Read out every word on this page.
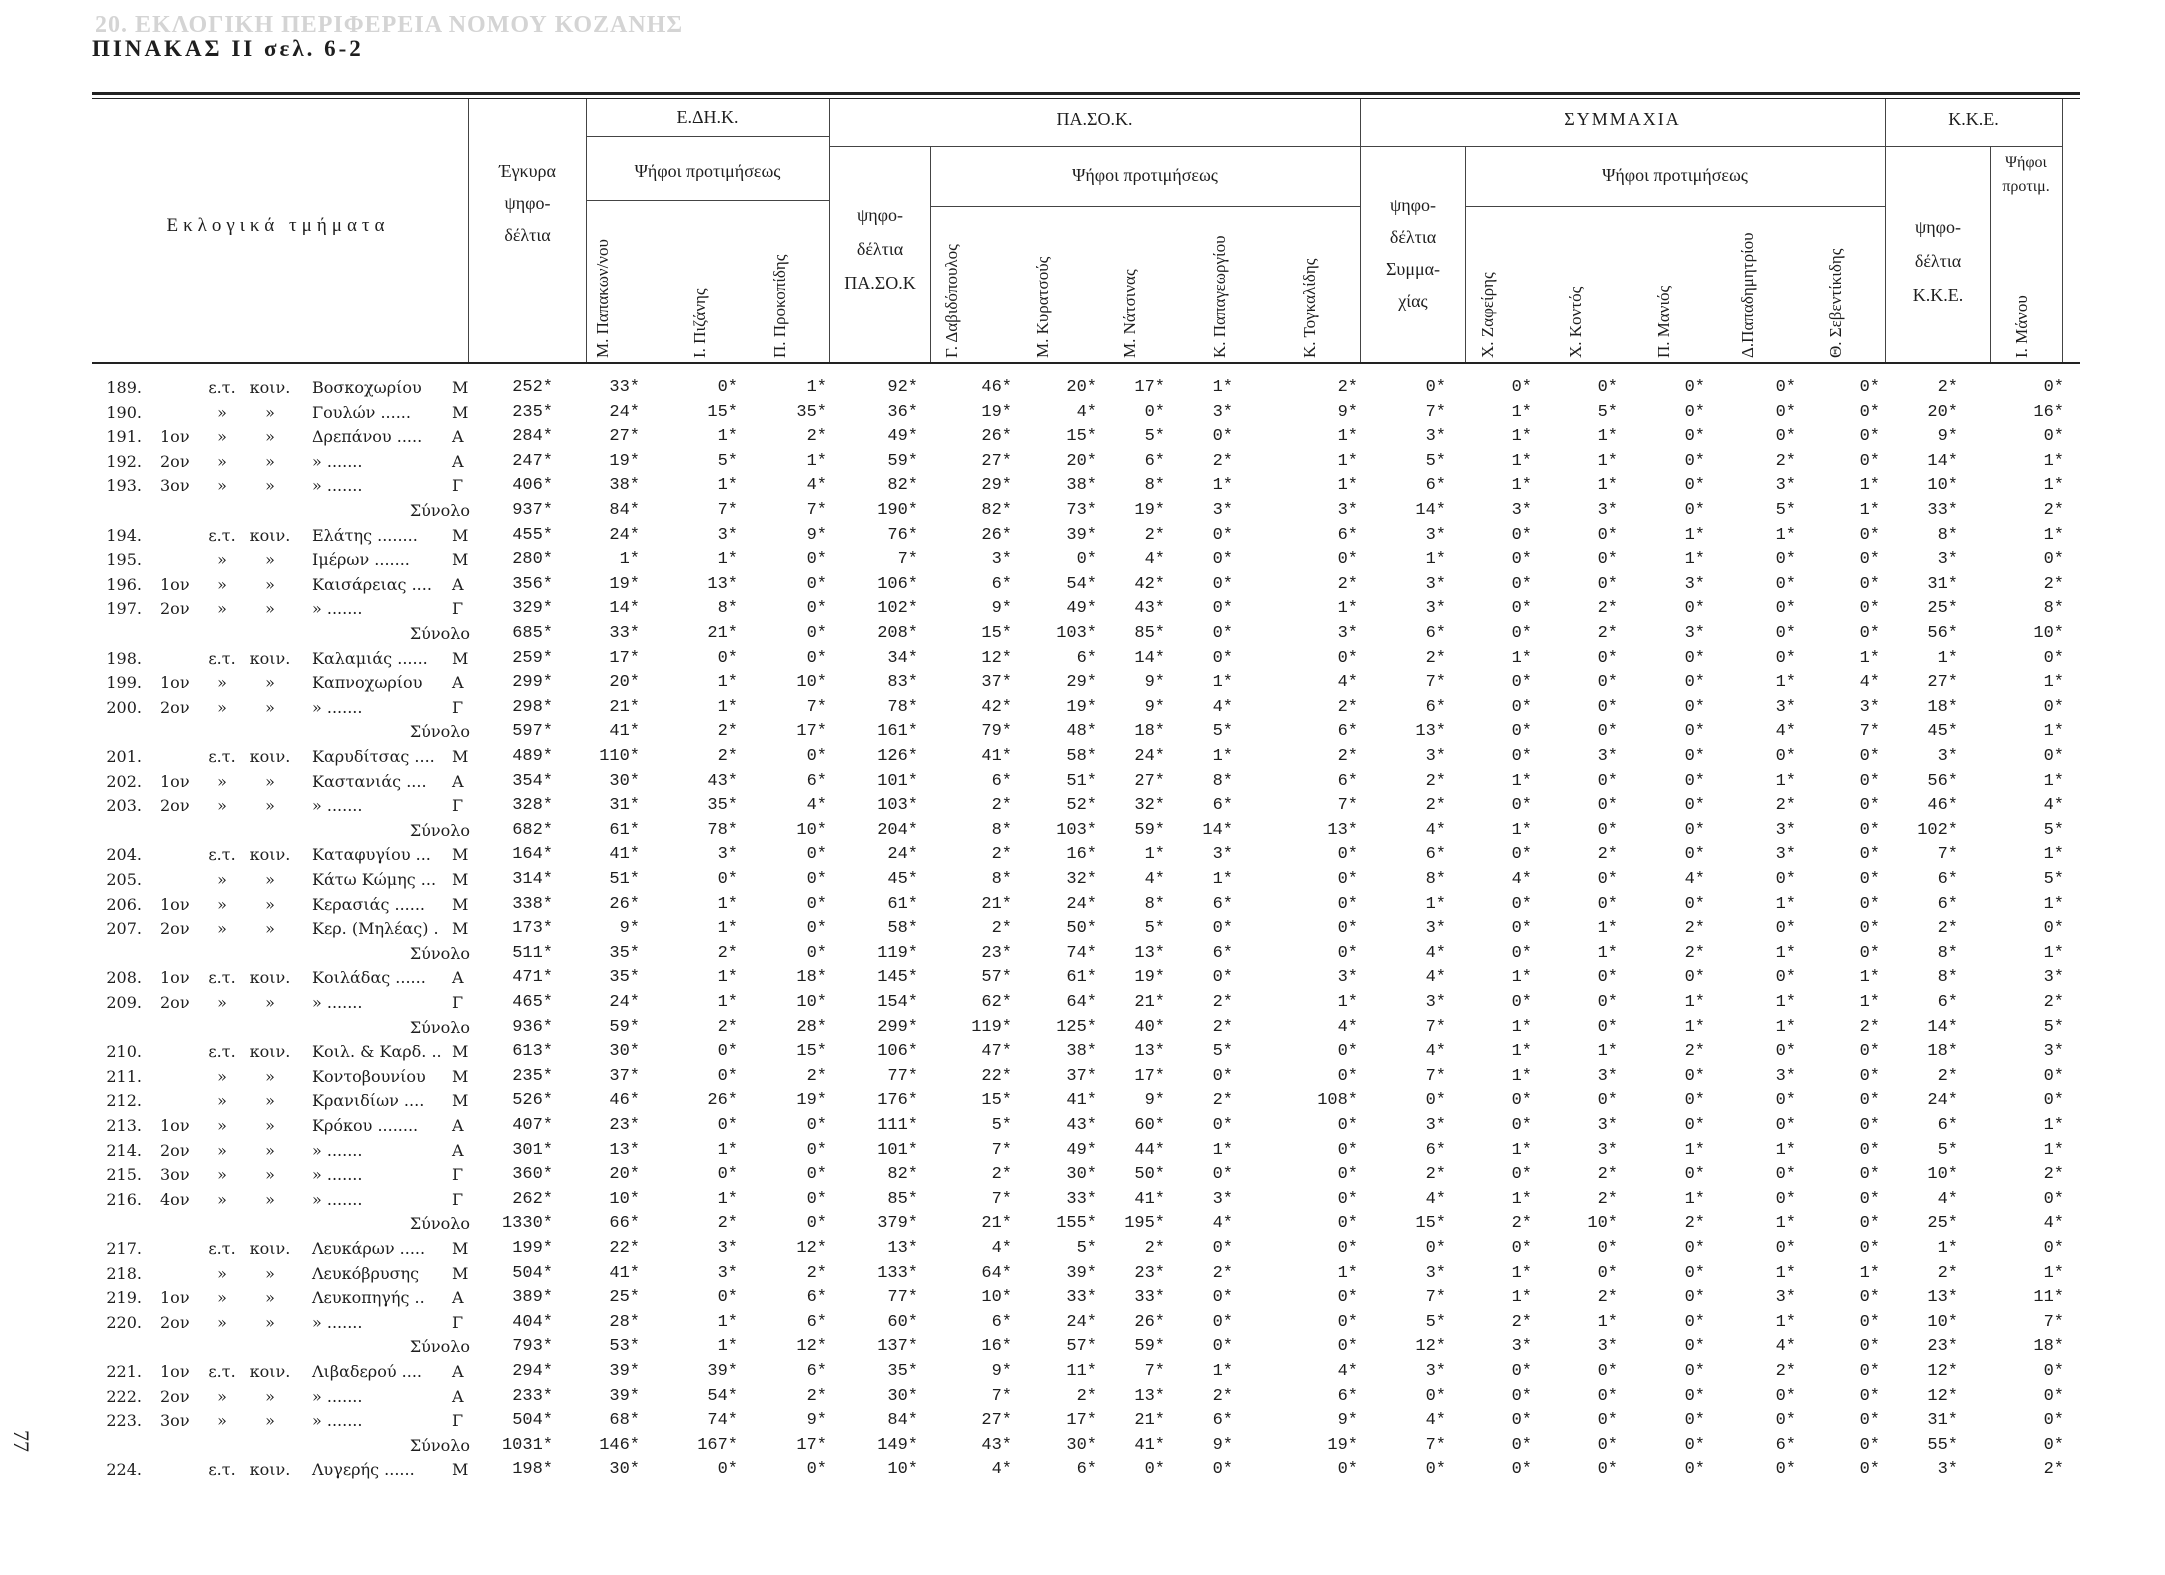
20. ΕΚΛΟΓΙΚΗ ΠΕΡΙΦΕΡΕΙΑ ΝΟΜΟΥ ΚΟΖΑΝΗΣ
ΠΙΝΑΚΑΣ ΙΙ σελ. 6-2
77
Εκλογικά τμήματα
Έγκυρα
ψηφο-
δέλτια
Ε.ΔΗ.Κ.	ΠΑ.ΣΟ.Κ.	ΣΥΜΜΑΧΙΑ	Κ.Κ.Ε.
Ψήφοι προτιμήσεως	Ψήφοι προτιμήσεως	Ψήφοι προτιμήσεως
ψηφο-
δέλτια
ΠΑ.ΣΟ.Κ
ψηφο-
δέλτια
Συμμα-
χίας
ψηφο-
δέλτια
Κ.Κ.Ε.
Ψήφοι
προτιμ.
Μ. Παπακων/νου	Ι. Πιζάνης	Π. Προκοπίδης	Γ. Δαβιδόπουλος	Μ. Κυρατσούς	Μ. Νάτσινας	Κ. Παπαγεωργίου	Κ. Τογκαλίδης	Χ. Ζαφείρης	Χ. Κοντός	Π. Μανιός	Δ.Παπαδημητρίου	Θ. Σεβεντίκιδης	Ι. Μάνου
189.	ε.τ. κοιν. Βοσκοχωρίου Μ	252*	33*	0*	1*	92*	46*	20*	17*	1*	2*	0*	0*	0*	0*	0*	0*	2*	0*
190.	»	»	Γουλών ......	Μ	235*	24*	15*	35*	36*	19*	4*	0*	3*	9*	7*	1*	5*	0*	0*	0*	20*	16*
191. 1ον	»	»	Δρεπάνου ..... Α	284*	27*	1*	2*	49*	26*	15*	5*	0*	1*	3*	1*	1*	0*	0*	0*	9*	0*
192. 2ον	»	»	» .......	Α	247*	19*	5*	1*	59*	27*	20*	6*	2*	1*	5*	1*	1*	0*	2*	0*	14*	1*
193. 3ον	»	»	» .......	Γ	406*	38*	1*	4*	82*	29*	38*	8*	1*	1*	6*	1*	1*	0*	3*	1*	10*	1*
Σύνολο	937*	84*	7*	7*	190*	82*	73*	19*	3*	3*	14*	3*	3*	0*	5*	1*	33*	2*
194.	ε.τ. κοιν. Ελάτης ........ Μ	455*	24*	3*	9*	76*	26*	39*	2*	0*	6*	3*	0*	0*	1*	1*	0*	8*	1*
195.	»	»	Ιμέρων .......	Μ	280*	1*	1*	0*	7*	3*	0*	4*	0*	0*	1*	0*	0*	1*	0*	0*	3*	0*
196. 1ον	»	»	Καισάρειας .... Α	356*	19*	13*	0*	106*	6*	54*	42*	0*	2*	3*	0*	0*	3*	0*	0*	31*	2*
197. 2ον	»	»	» .......	Γ	329*	14*	8*	0*	102*	9*	49*	43*	0*	1*	3*	0*	2*	0*	0*	0*	25*	8*
Σύνολο	685*	33*	21*	0*	208*	15*	103*	85*	0*	3*	6*	0*	2*	3*	0*	0*	56*	10*
198.	ε.τ. κοιν. Καλαμιάς ...... Μ	259*	17*	0*	0*	34*	12*	6*	14*	0*	0*	2*	1*	0*	0*	0*	1*	1*	0*
199. 1ον	»	»	Καπνοχωρίου Α	299*	20*	1*	10*	83*	37*	29*	9*	1*	4*	7*	0*	0*	0*	1*	4*	27*	1*
200. 2ον	»	»	» .......	Γ	298*	21*	1*	7*	78*	42*	19*	9*	4*	2*	6*	0*	0*	0*	3*	3*	18*	0*
Σύνολο	597*	41*	2*	17*	161*	79*	48*	18*	5*	6*	13*	0*	0*	0*	4*	7*	45*	1*
201.	ε.τ. κοιν. Καρυδίτσας .... Μ	489*	110*	2*	0*	126*	41*	58*	24*	1*	2*	3*	0*	3*	0*	0*	0*	3*	0*
202. 1ον	»	»	Καστανιάς .... Α	354*	30*	43*	6*	101*	6*	51*	27*	8*	6*	2*	1*	0*	0*	1*	0*	56*	1*
203. 2ον	»	»	» .......	Γ	328*	31*	35*	4*	103*	2*	52*	32*	6*	7*	2*	0*	0*	0*	2*	0*	46*	4*
Σύνολο	682*	61*	78*	10*	204*	8*	103*	59*	14*	13*	4*	1*	0*	0*	3*	0*	102*	5*
204.	ε.τ. κοιν. Καταφυγίου ... Μ	164*	41*	3*	0*	24*	2*	16*	1*	3*	0*	6*	0*	2*	0*	3*	0*	7*	1*
205.	»	»	Κάτω Κώμης ... Μ	314*	51*	0*	0*	45*	8*	32*	4*	1*	0*	8*	4*	0*	4*	0*	0*	6*	5*
206. 1ον	»	»	Κερασιάς ...... Μ	338*	26*	1*	0*	61*	21*	24*	8*	6*	0*	1*	0*	0*	0*	1*	0*	6*	1*
207. 2ον	»	»	Κερ. (Μηλέας) . Μ	173*	9*	1*	0*	58*	2*	50*	5*	0*	0*	3*	0*	1*	2*	0*	0*	2*	0*
Σύνολο	511*	35*	2*	0*	119*	23*	74*	13*	6*	0*	4*	0*	1*	2*	1*	0*	8*	1*
208. 1ον	ε.τ. κοιν. Κοιλάδας ...... Α	471*	35*	1*	18*	145*	57*	61*	19*	0*	3*	4*	1*	0*	0*	0*	1*	8*	3*
209. 2ον	»	»	» .......	Γ	465*	24*	1*	10*	154*	62*	64*	21*	2*	1*	3*	0*	0*	1*	1*	1*	6*	2*
Σύνολο	936*	59*	2*	28*	299*	119*	125*	40*	2*	4*	7*	1*	0*	1*	1*	2*	14*	5*
210.	ε.τ. κοιν. Κοιλ. & Καρδ. .. Μ	613*	30*	0*	15*	106*	47*	38*	13*	5*	0*	4*	1*	1*	2*	0*	0*	18*	3*
211.	»	»	Κοντοβουνίου Μ	235*	37*	0*	2*	77*	22*	37*	17*	0*	0*	7*	1*	3*	0*	3*	0*	2*	0*
212.	»	»	Κρανιδίων .... Μ	526*	46*	26*	19*	176*	15*	41*	9*	2*	108*	0*	0*	0*	0*	0*	0*	24*	0*
213. 1ον	»	»	Κρόκου ........ Α	407*	23*	0*	0*	111*	5*	43*	60*	0*	0*	3*	0*	3*	0*	0*	0*	6*	1*
214. 2ον	»	»	» .......	Α	301*	13*	1*	0*	101*	7*	49*	44*	1*	0*	6*	1*	3*	1*	1*	0*	5*	1*
215. 3ον	»	»	» .......	Γ	360*	20*	0*	0*	82*	2*	30*	50*	0*	0*	2*	0*	2*	0*	0*	0*	10*	2*
216. 4ον	»	»	» .......	Γ	262*	10*	1*	0*	85*	7*	33*	41*	3*	0*	4*	1*	2*	1*	0*	0*	4*	0*
Σύνολο	1330*	66*	2*	0*	379*	21*	155*	195*	4*	0*	15*	2*	10*	2*	1*	0*	25*	4*
217.	ε.τ. κοιν. Λευκάρων ..... Μ	199*	22*	3*	12*	13*	4*	5*	2*	0*	0*	0*	0*	0*	0*	0*	0*	1*	0*
218.	»	»	Λευκόβρυσης Μ	504*	41*	3*	2*	133*	64*	39*	23*	2*	1*	3*	1*	0*	0*	1*	1*	2*	1*
219. 1ον	»	»	Λευκοπηγής .. Α	389*	25*	0*	6*	77*	10*	33*	33*	0*	0*	7*	1*	2*	0*	3*	0*	13*	11*
220. 2ον	»	»	» .......	Γ	404*	28*	1*	6*	60*	6*	24*	26*	0*	0*	5*	2*	1*	0*	1*	0*	10*	7*
Σύνολο	793*	53*	1*	12*	137*	16*	57*	59*	0*	0*	12*	3*	3*	0*	4*	0*	23*	18*
221. 1ον	ε.τ. κοιν. Λιβαδερού .... Α	294*	39*	39*	6*	35*	9*	11*	7*	1*	4*	3*	0*	0*	0*	2*	0*	12*	0*
222. 2ον	»	»	» .......	Α	233*	39*	54*	2*	30*	7*	2*	13*	2*	6*	0*	0*	0*	0*	0*	0*	12*	0*
223. 3ον	»	»	» .......	Γ	504*	68*	74*	9*	84*	27*	17*	21*	6*	9*	4*	0*	0*	0*	0*	0*	31*	0*
Σύνολο	1031*	146*	167*	17*	149*	43*	30*	41*	9*	19*	7*	0*	0*	0*	6*	0*	55*	0*
224.	ε.τ. κοιν. Λυγερής ...... Μ	198*	30*	0*	0*	10*	4*	6*	0*	0*	0*	0*	0*	0*	0*	0*	0*	3*	2*
